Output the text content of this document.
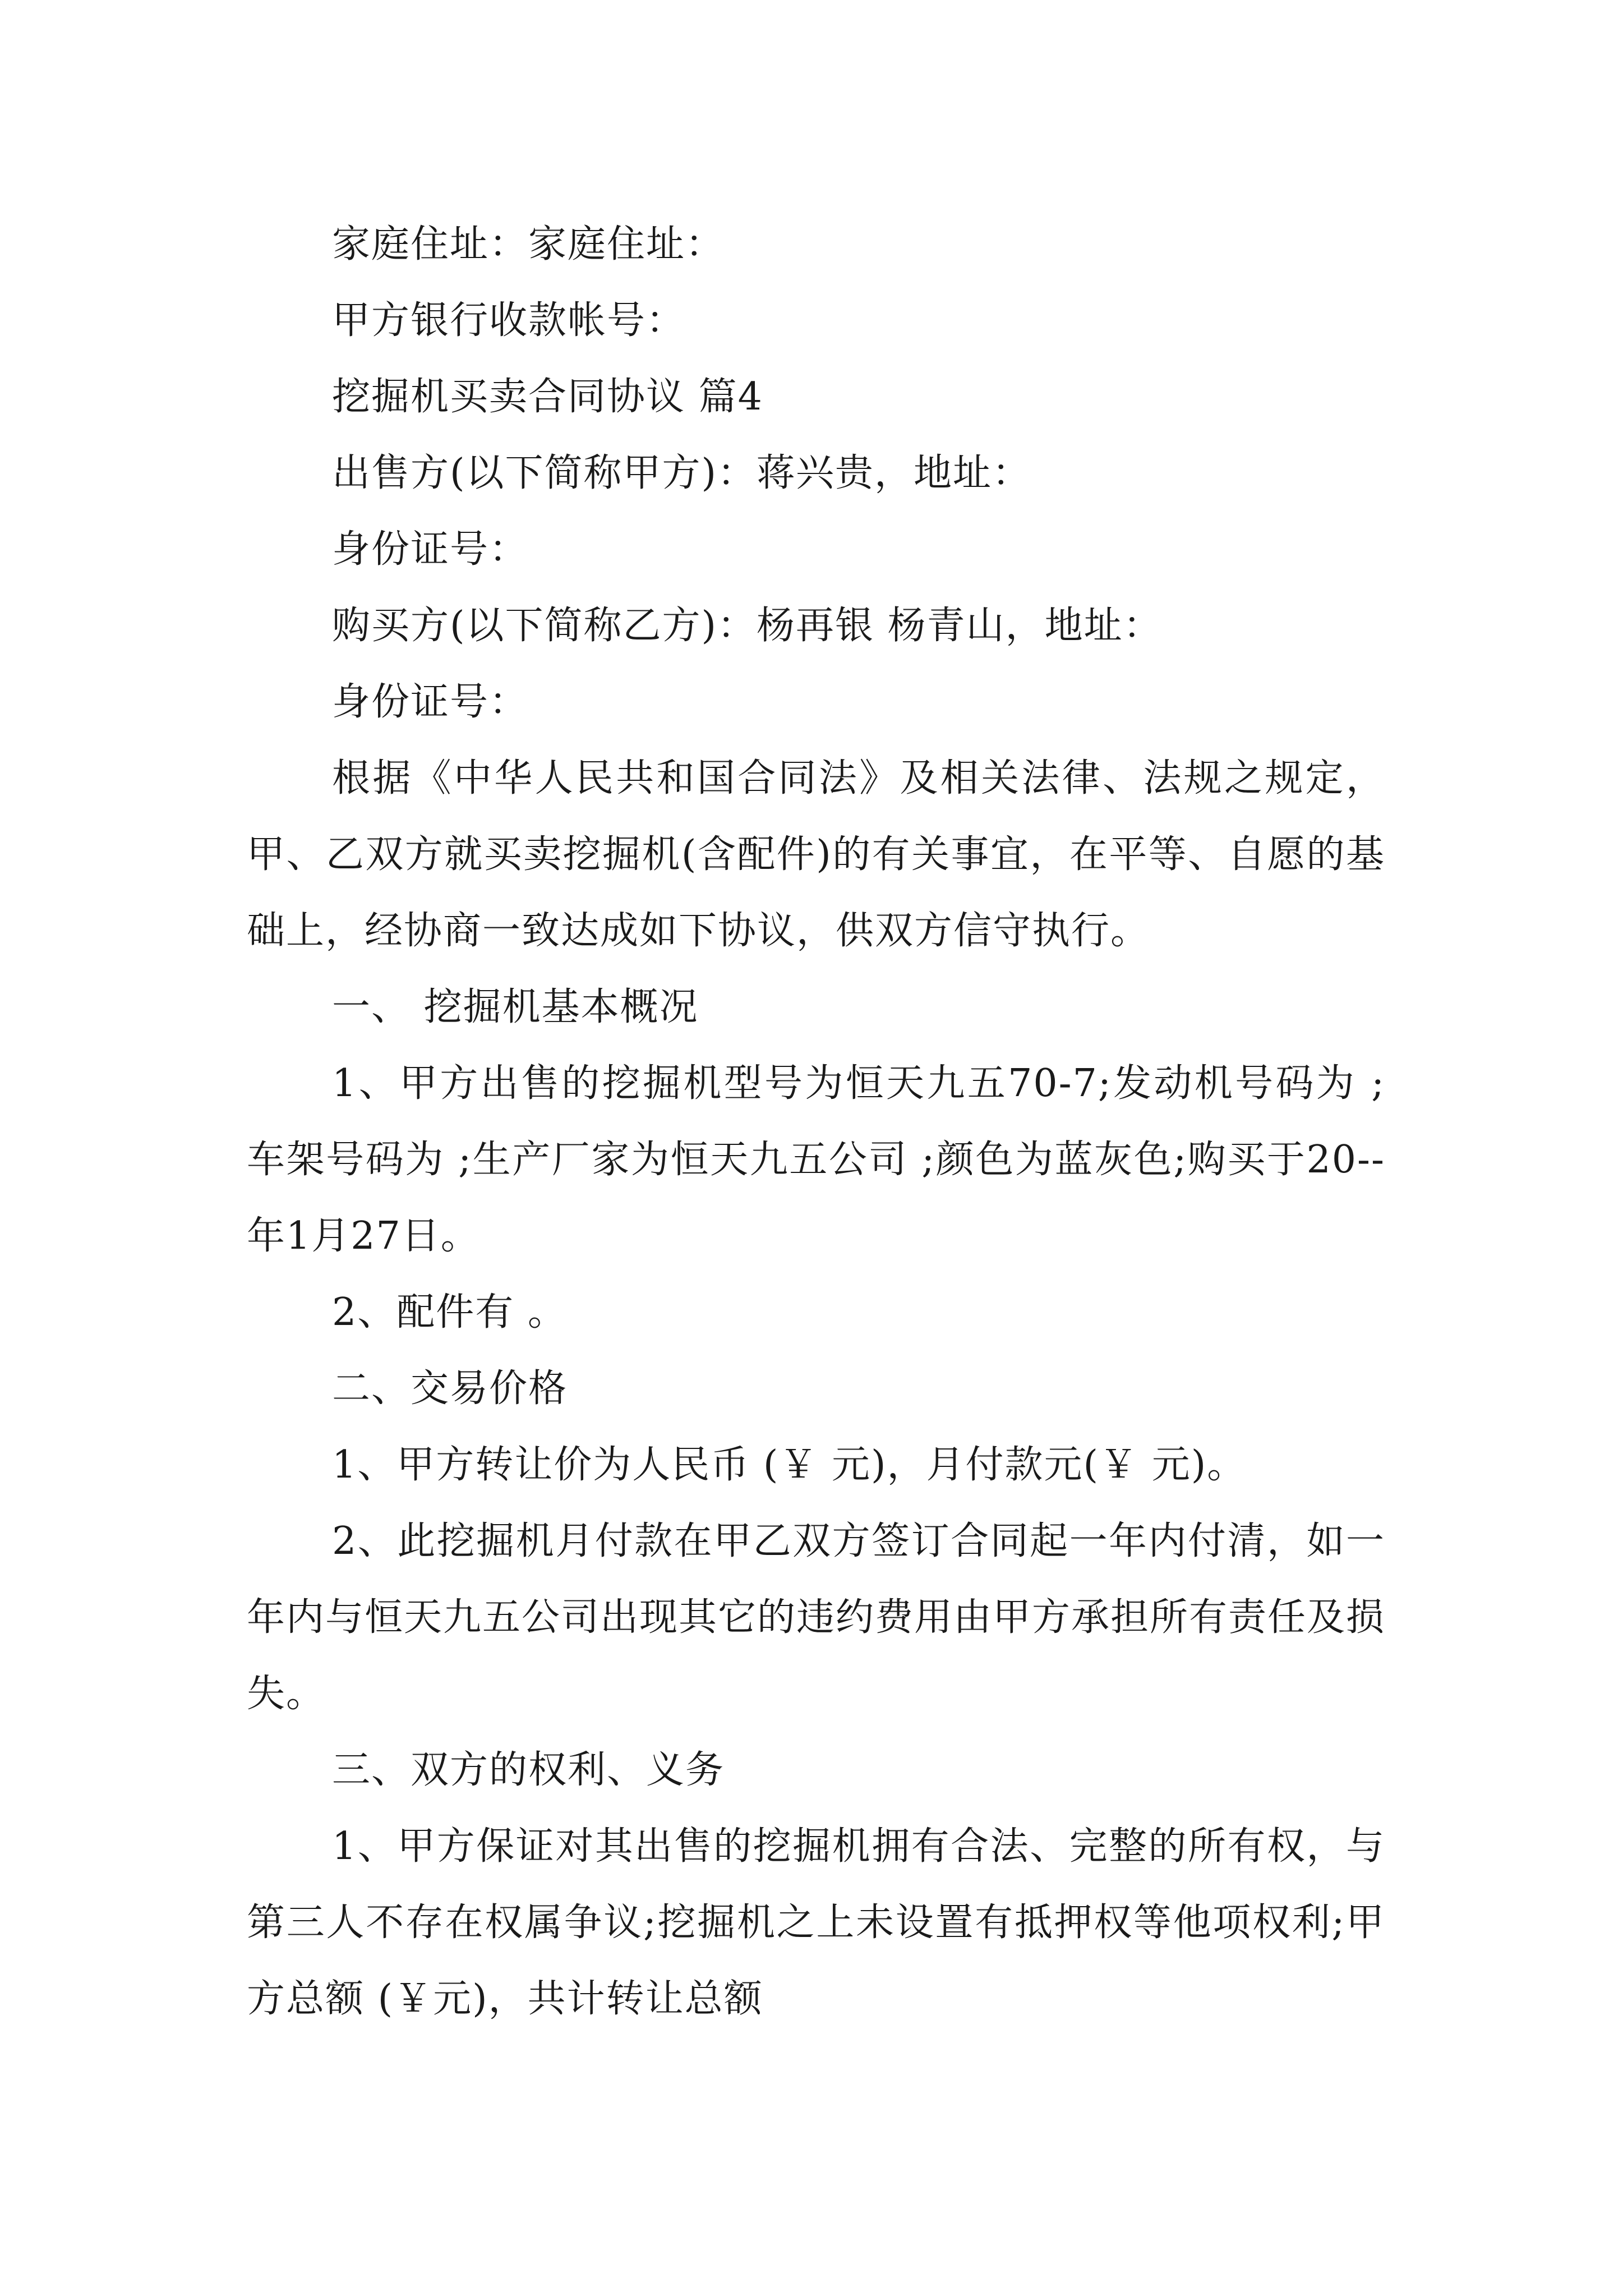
家庭住址：家庭住址：

甲方银行收款帐号：

挖掘机买卖合同协议 篇4

出售方(以下简称甲方)：蒋兴贵，地址：

身份证号：

购买方(以下简称乙方)：杨再银 杨青山，地址：

身份证号：

根据《中华人民共和国合同法》及相关法律、法规之规定，甲、乙双方就买卖挖掘机(含配件)的有关事宜，在平等、自愿的基础上，经协商一致达成如下协议，供双方信守执行。

一、 挖掘机基本概况

1、甲方出售的挖掘机型号为恒天九五70-7;发动机号码为 ;车架号码为 ;生产厂家为恒天九五公司 ;颜色为蓝灰色;购买于20--年1月27日。

2、配件有 。

二、交易价格

1、甲方转让价为人民币 (￥ 元)，月付款元(￥ 元)。

2、此挖掘机月付款在甲乙双方签订合同起一年内付清，如一年内与恒天九五公司出现其它的违约费用由甲方承担所有责任及损失。

三、双方的权利、义务

1、甲方保证对其出售的挖掘机拥有合法、完整的所有权，与第三人不存在权属争议;挖掘机之上未设置有抵押权等他项权利;甲方总额 (￥元)，共计转让总额
